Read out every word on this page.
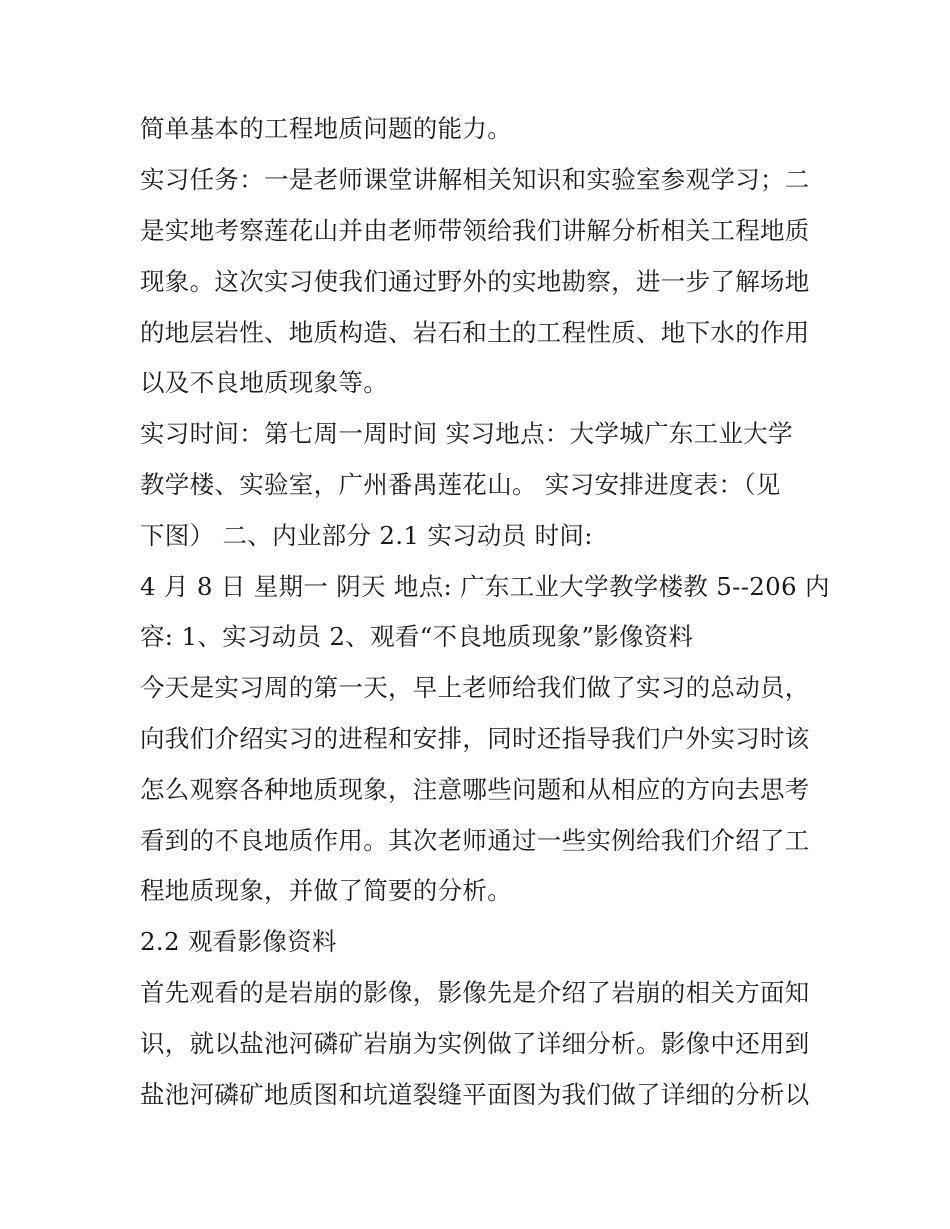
简单基本的工程地质问题的能力。
实习任务：一是老师课堂讲解相关知识和实验室参观学习；二
是实地考察莲花山并由老师带领给我们讲解分析相关工程地质
现象。这次实习使我们通过野外的实地勘察，进一步了解场地
的地层岩性、地质构造、岩石和土的工程性质、地下水的作用
以及不良地质现象等。
实习时间：第七周一周时间 实习地点：大学城广东工业大学
教学楼、实验室，广州番禺莲花山。 实习安排进度表：（见
下图） 二、内业部分 2.1 实习动员 时间:
4 月 8 日 星期一 阴天 地点: 广东工业大学教学楼教 5--206 内
容: 1、实习动员 2、观看“不良地质现象”影像资料
今天是实习周的第一天，早上老师给我们做了实习的总动员，
向我们介绍实习的进程和安排，同时还指导我们户外实习时该
怎么观察各种地质现象，注意哪些问题和从相应的方向去思考
看到的不良地质作用。其次老师通过一些实例给我们介绍了工
程地质现象，并做了简要的分析。
2.2 观看影像资料
首先观看的是岩崩的影像，影像先是介绍了岩崩的相关方面知
识，就以盐池河磷矿岩崩为实例做了详细分析。影像中还用到
盐池河磷矿地质图和坑道裂缝平面图为我们做了详细的分析以
